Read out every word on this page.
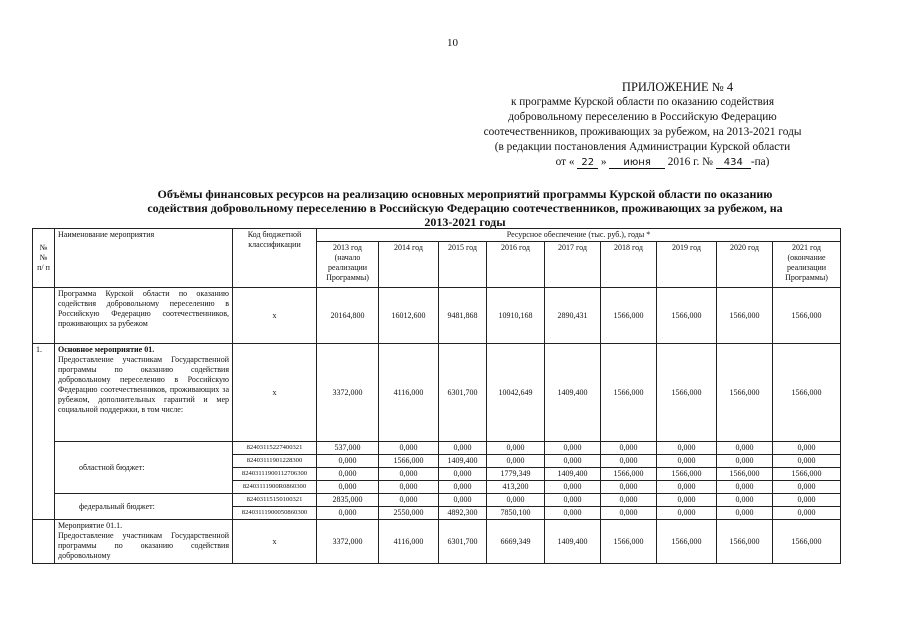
10
ПРИЛОЖЕНИЕ № 4
к программе Курской области по оказанию содействия
добровольному переселению в Российскую Федерацию
соотечественников, проживающих за рубежом, на 2013-2021 годы
(в редакции постановления Администрации Курской области
от « 22 » июня 2016 г. № 434 -па)
Объёмы финансовых ресурсов на реализацию основных мероприятий программы Курской области по оказанию
содействия добровольному переселению в Российскую Федерацию соотечественников, проживающих за рубежом, на
2013-2021 годы
№ № п/ п	Наименование мероприятия	Код бюджетной классификации	Ресурсное обеспечение (тыс. руб.), годы *								
			2013 год (начало реализации Программы)	2014 год	2015 год	2016 год	2017 год	2018 год	2019 год	2020 год	2021 год (окончание реализации Программы)
	Программа Курской области по оказанию содействия добровольному переселению в Российскую Федерацию соотечественников, проживающих за рубежом	x	20164,800	16012,600	9481,868	10910,168	2890,431	1566,000	1566,000	1566,000	1566,000
1.	Основное мероприятие 01.
Предоставление участникам Государственной программы по оказанию содействия добровольному переселению в Российскую Федерацию соотечественников, проживающих за рубежом, дополнительных гарантий и мер социальной поддержки, в том числе:	x	3372,000	4116,000	6301,700	10042,649	1409,400	1566,000	1566,000	1566,000	1566,000
	областной бюджет:	82403115227400321	537,000	0,000	0,000	0,000	0,000	0,000	0,000	0,000	0,000
		82403111901228300	0,000	1566,000	1409,400	0,000	0,000	0,000	0,000	0,000	0,000
		82403111900112706300	0,000	0,000	0,000	1779,349	1409,400	1566,000	1566,000	1566,000	1566,000
		82403111900R0860300	0,000	0,000	0,000	413,200	0,000	0,000	0,000	0,000	0,000
	федеральный бюджет:	82403115150100321	2835,000	0,000	0,000	0,000	0,000	0,000	0,000	0,000	0,000
		82403111900050860300	0,000	2550,000	4892,300	7850,100	0,000	0,000	0,000	0,000	0,000

	Мероприятие 01.1.
Предоставление участникам Государственной программы по оказанию содействия добровольному	x	3372,000	4116,000	6301,700	6669,349	1409,400	1566,000	1566,000	1566,000	1566,000
